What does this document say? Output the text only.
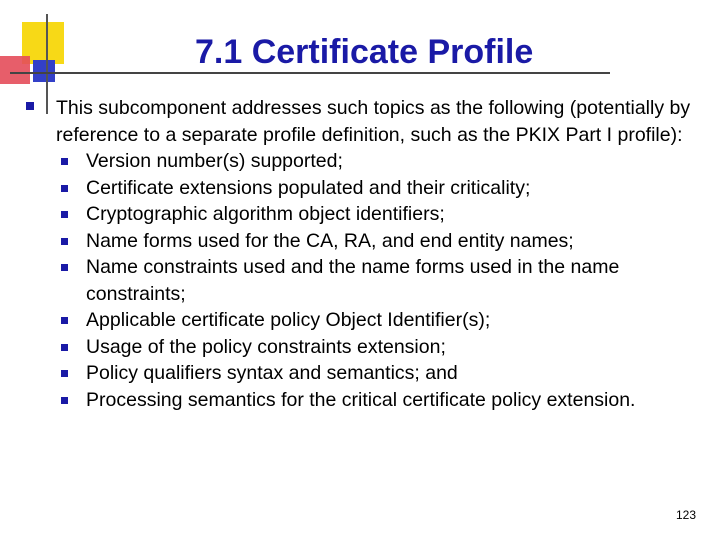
7.1 Certificate Profile
This subcomponent addresses such topics as the following (potentially by reference to a separate profile definition, such as the PKIX Part I profile):
Version number(s) supported;
Certificate extensions populated and their criticality;
Cryptographic algorithm object identifiers;
Name forms used for the CA, RA, and end entity names;
Name constraints used and the name forms used in the name constraints;
Applicable certificate policy Object Identifier(s);
Usage of the policy constraints extension;
Policy qualifiers syntax and semantics; and
Processing semantics for the critical certificate policy extension.
123
